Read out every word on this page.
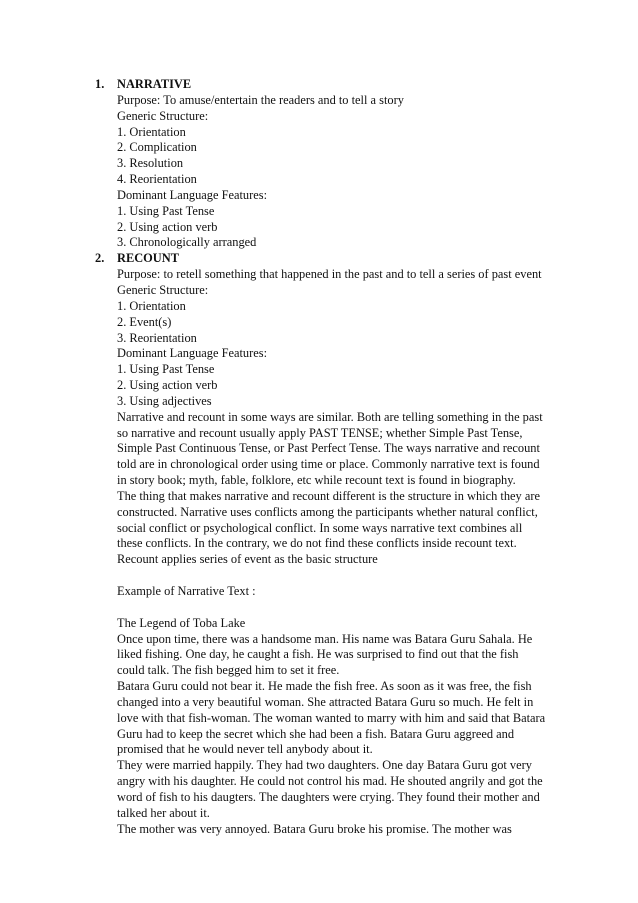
1.	NARRATIVE
Purpose: To amuse/entertain the readers and to tell a story
Generic Structure:
1. Orientation
2. Complication
3. Resolution
4. Reorientation
Dominant Language Features:
1. Using Past Tense
2. Using action verb
3. Chronologically arranged
2.	RECOUNT
Purpose: to retell something that happened in the past and to tell a series of past event
Generic Structure:
1. Orientation
2. Event(s)
3. Reorientation
Dominant Language Features:
1. Using Past Tense
2. Using action verb
3. Using adjectives
Narrative and recount in some ways are similar. Both are telling something in the past
so narrative and recount usually apply PAST TENSE; whether Simple Past Tense,
Simple Past Continuous Tense, or Past Perfect Tense. The ways narrative and recount
told are in chronological order using time or place. Commonly narrative text is found
in story book; myth, fable, folklore, etc while recount text is found in biography.
The thing that makes narrative and recount different is the structure in which they are
constructed. Narrative uses conflicts among the participants whether natural conflict,
social conflict or psychological conflict. In some ways narrative text combines all
these conflicts. In the contrary, we do not find these conflicts inside recount text.
Recount applies series of event as the basic structure
Example of Narrative Text :
The Legend of Toba Lake
Once upon time, there was a handsome man. His name was Batara Guru Sahala. He
liked fishing. One day, he caught a fish. He was surprised to find out that the fish
could talk. The fish begged him to set it free.
Batara Guru could not bear it. He made the fish free. As soon as it was free, the fish
changed into a very beautiful woman. She attracted Batara Guru so much. He felt in
love with that fish-woman. The woman wanted to marry with him and said that Batara
Guru had to keep the secret which she had been a fish. Batara Guru aggreed and
promised that he would never tell anybody about it.
They were married happily. They had two daughters. One day Batara Guru got very
angry with his daughter. He could not control his mad. He shouted angrily and got the
word of fish to his daugters. The daughters were crying. They found their mother and
talked her about it.
The mother was very annoyed. Batara Guru broke his promise. The mother was
